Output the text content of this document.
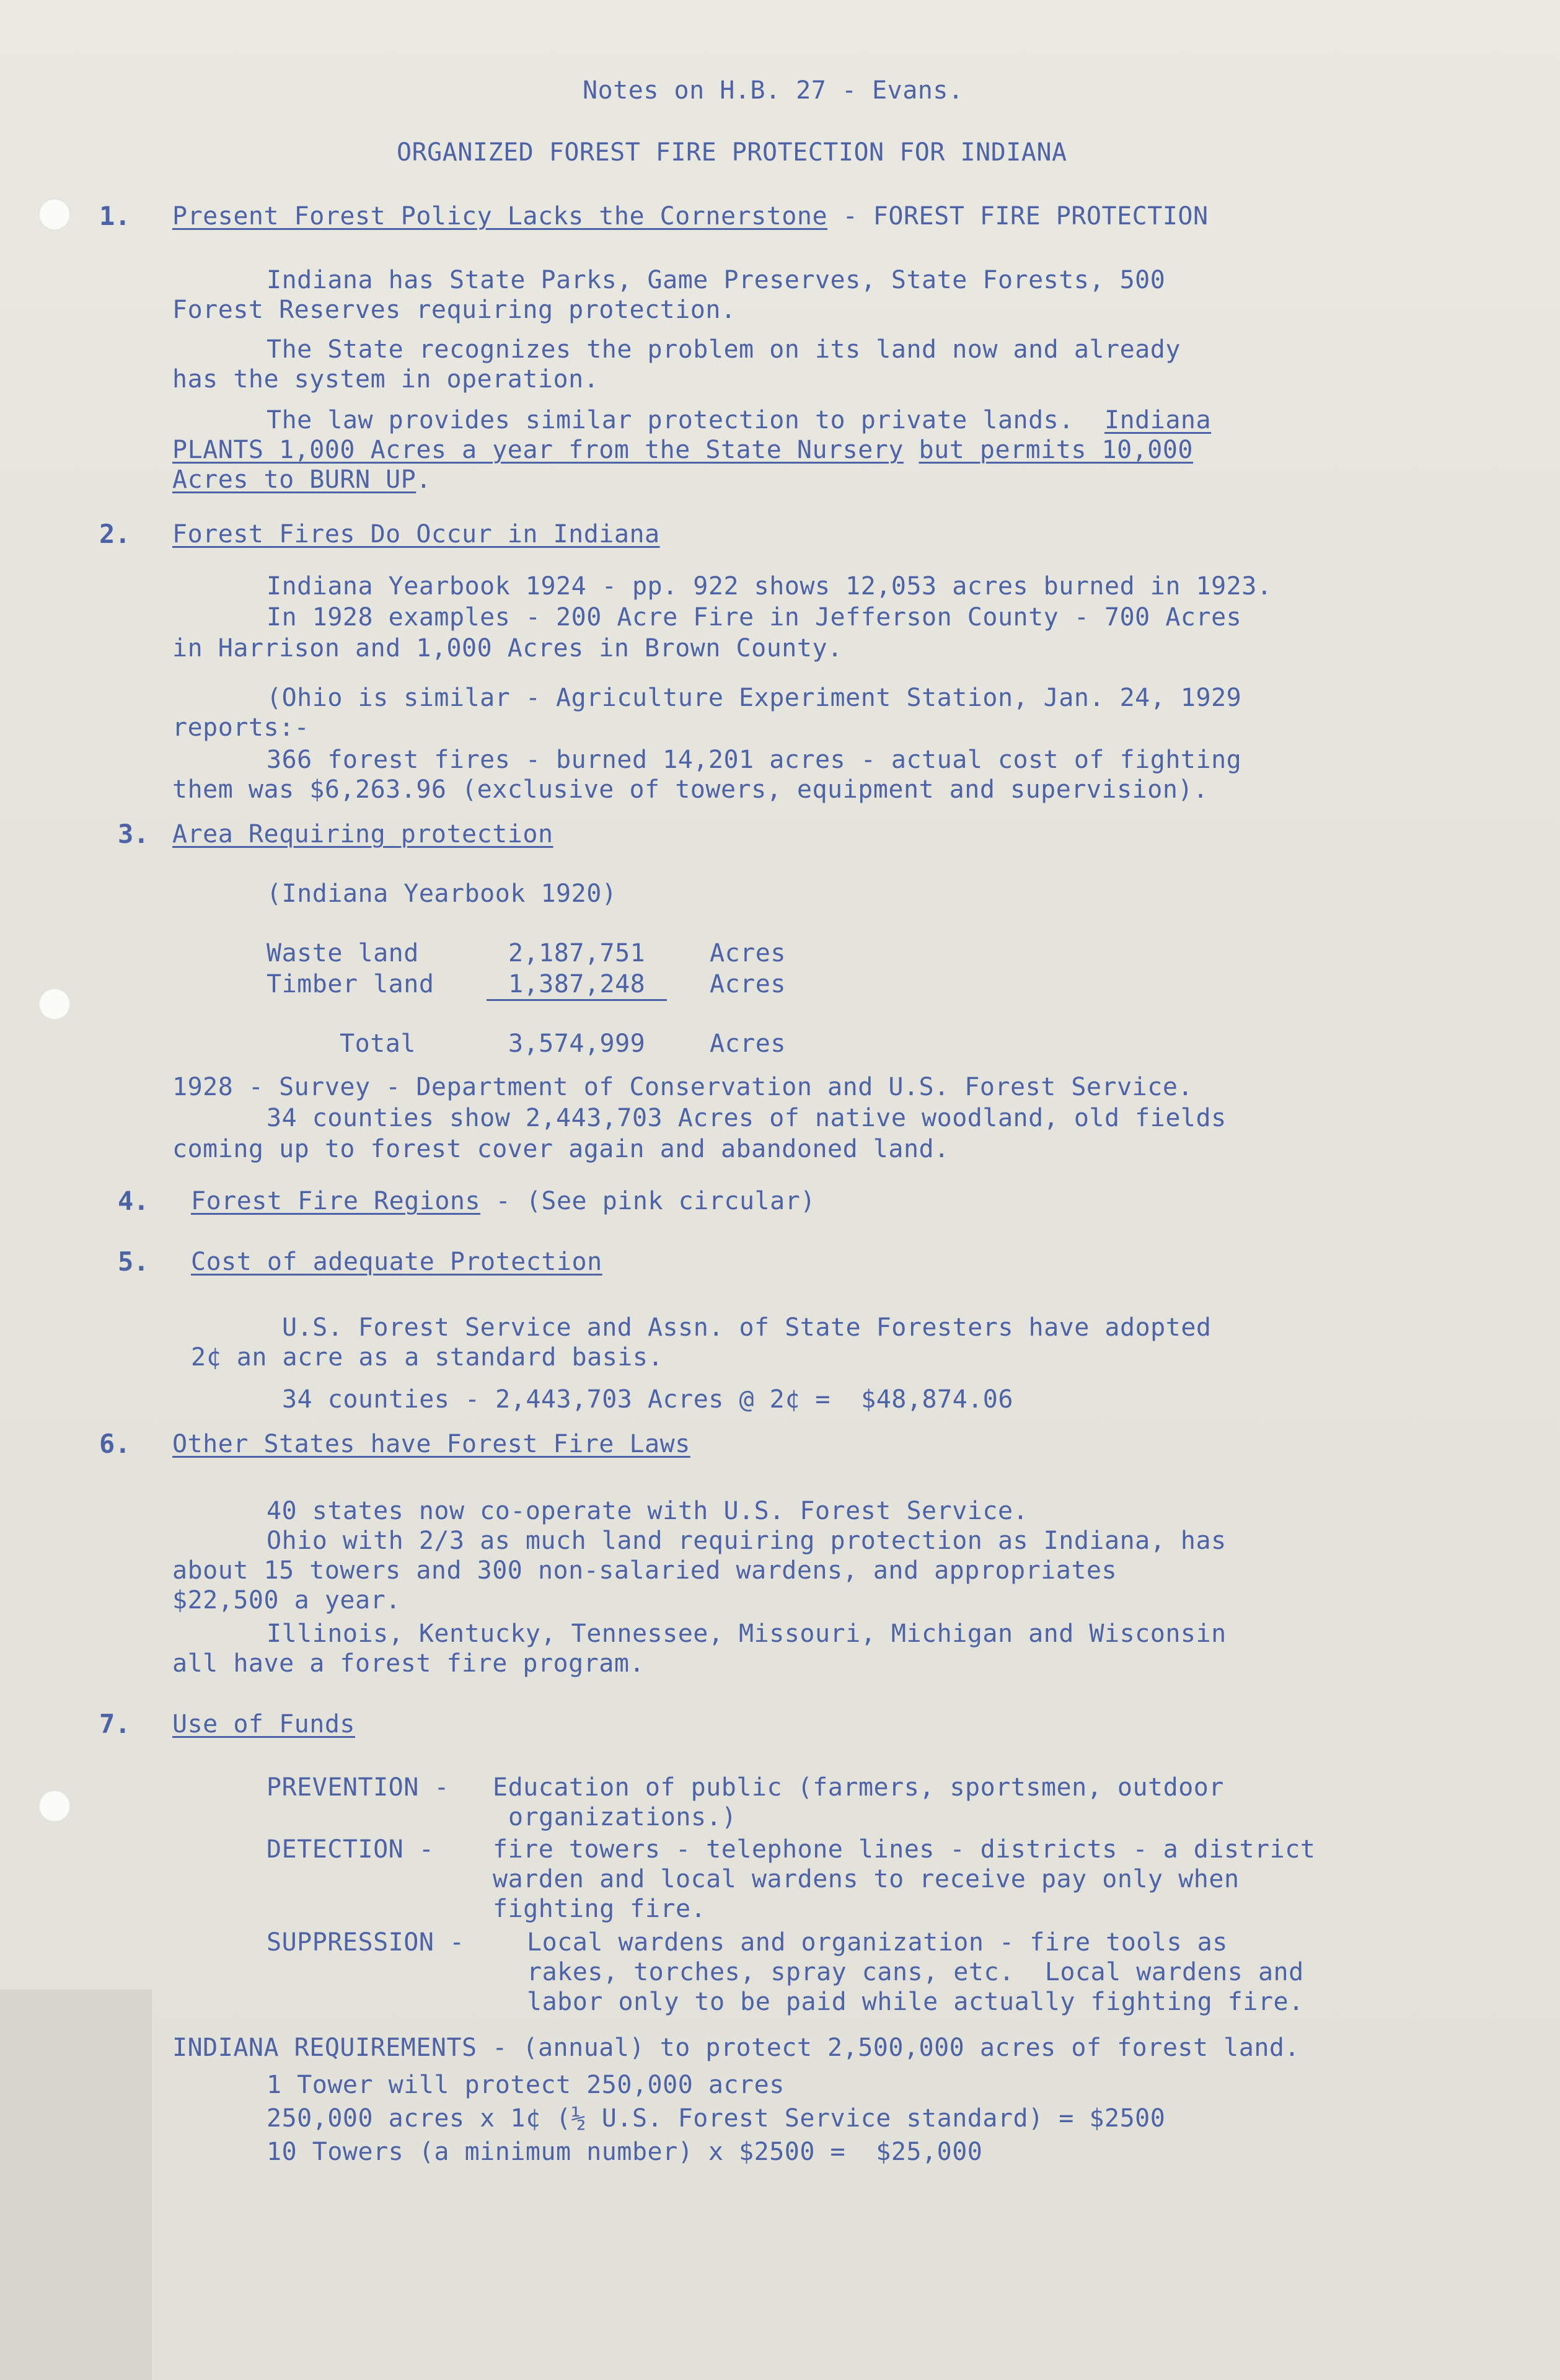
Notes on H.B. 27 - Evans.
ORGANIZED FOREST FIRE PROTECTION FOR INDIANA
1. Present Forest Policy Lacks the Cornerstone - FOREST FIRE PROTECTION
Indiana has State Parks, Game Preserves, State Forests, 500
Forest Reserves requiring protection.
The State recognizes the problem on its land now and already
has the system in operation.
The law provides similar protection to private lands.  Indiana
PLANTS 1,000 Acres a year from the State Nursery but permits 10,000
Acres to BURN UP.
2. Forest Fires Do Occur in Indiana
Indiana Yearbook 1924 - pp. 922 shows 12,053 acres burned in 1923.
In 1928 examples - 200 Acre Fire in Jefferson County - 700 Acres
in Harrison and 1,000 Acres in Brown County.
(Ohio is similar - Agriculture Experiment Station, Jan. 24, 1929
reports:-
366 forest fires - burned 14,201 acres - actual cost of fighting
them was $6,263.96 (exclusive of towers, equipment and supervision).
3. Area Requiring protection
(Indiana Yearbook 1920)
Waste land	2,187,751	Acres
Timber land	1,387,248	Acres
Total	3,574,999	Acres
1928 - Survey - Department of Conservation and U.S. Forest Service.
34 counties show 2,443,703 Acres of native woodland, old fields
coming up to forest cover again and abandoned land.
4. Forest Fire Regions - (See pink circular)
5. Cost of adequate Protection
U.S. Forest Service and Assn. of State Foresters have adopted
2¢ an acre as a standard basis.
34 counties - 2,443,703 Acres @ 2¢ =  $48,874.06
6. Other States have Forest Fire Laws
40 states now co-operate with U.S. Forest Service.
Ohio with 2/3 as much land requiring protection as Indiana, has
about 15 towers and 300 non-salaried wardens, and appropriates
$22,500 a year.
Illinois, Kentucky, Tennessee, Missouri, Michigan and Wisconsin
all have a forest fire program.
7. Use of Funds
PREVENTION - Education of public (farmers, sportsmen, outdoor
organizations.)
DETECTION - fire towers - telephone lines - districts - a district
warden and local wardens to receive pay only when
fighting fire.
SUPPRESSION - Local wardens and organization - fire tools as
rakes, torches, spray cans, etc.  Local wardens and
labor only to be paid while actually fighting fire.
INDIANA REQUIREMENTS - (annual) to protect 2,500,000 acres of forest land.
1 Tower will protect 250,000 acres
250,000 acres x 1¢ (½ U.S. Forest Service standard) = $2500
10 Towers (a minimum number) x $2500 =  $25,000
